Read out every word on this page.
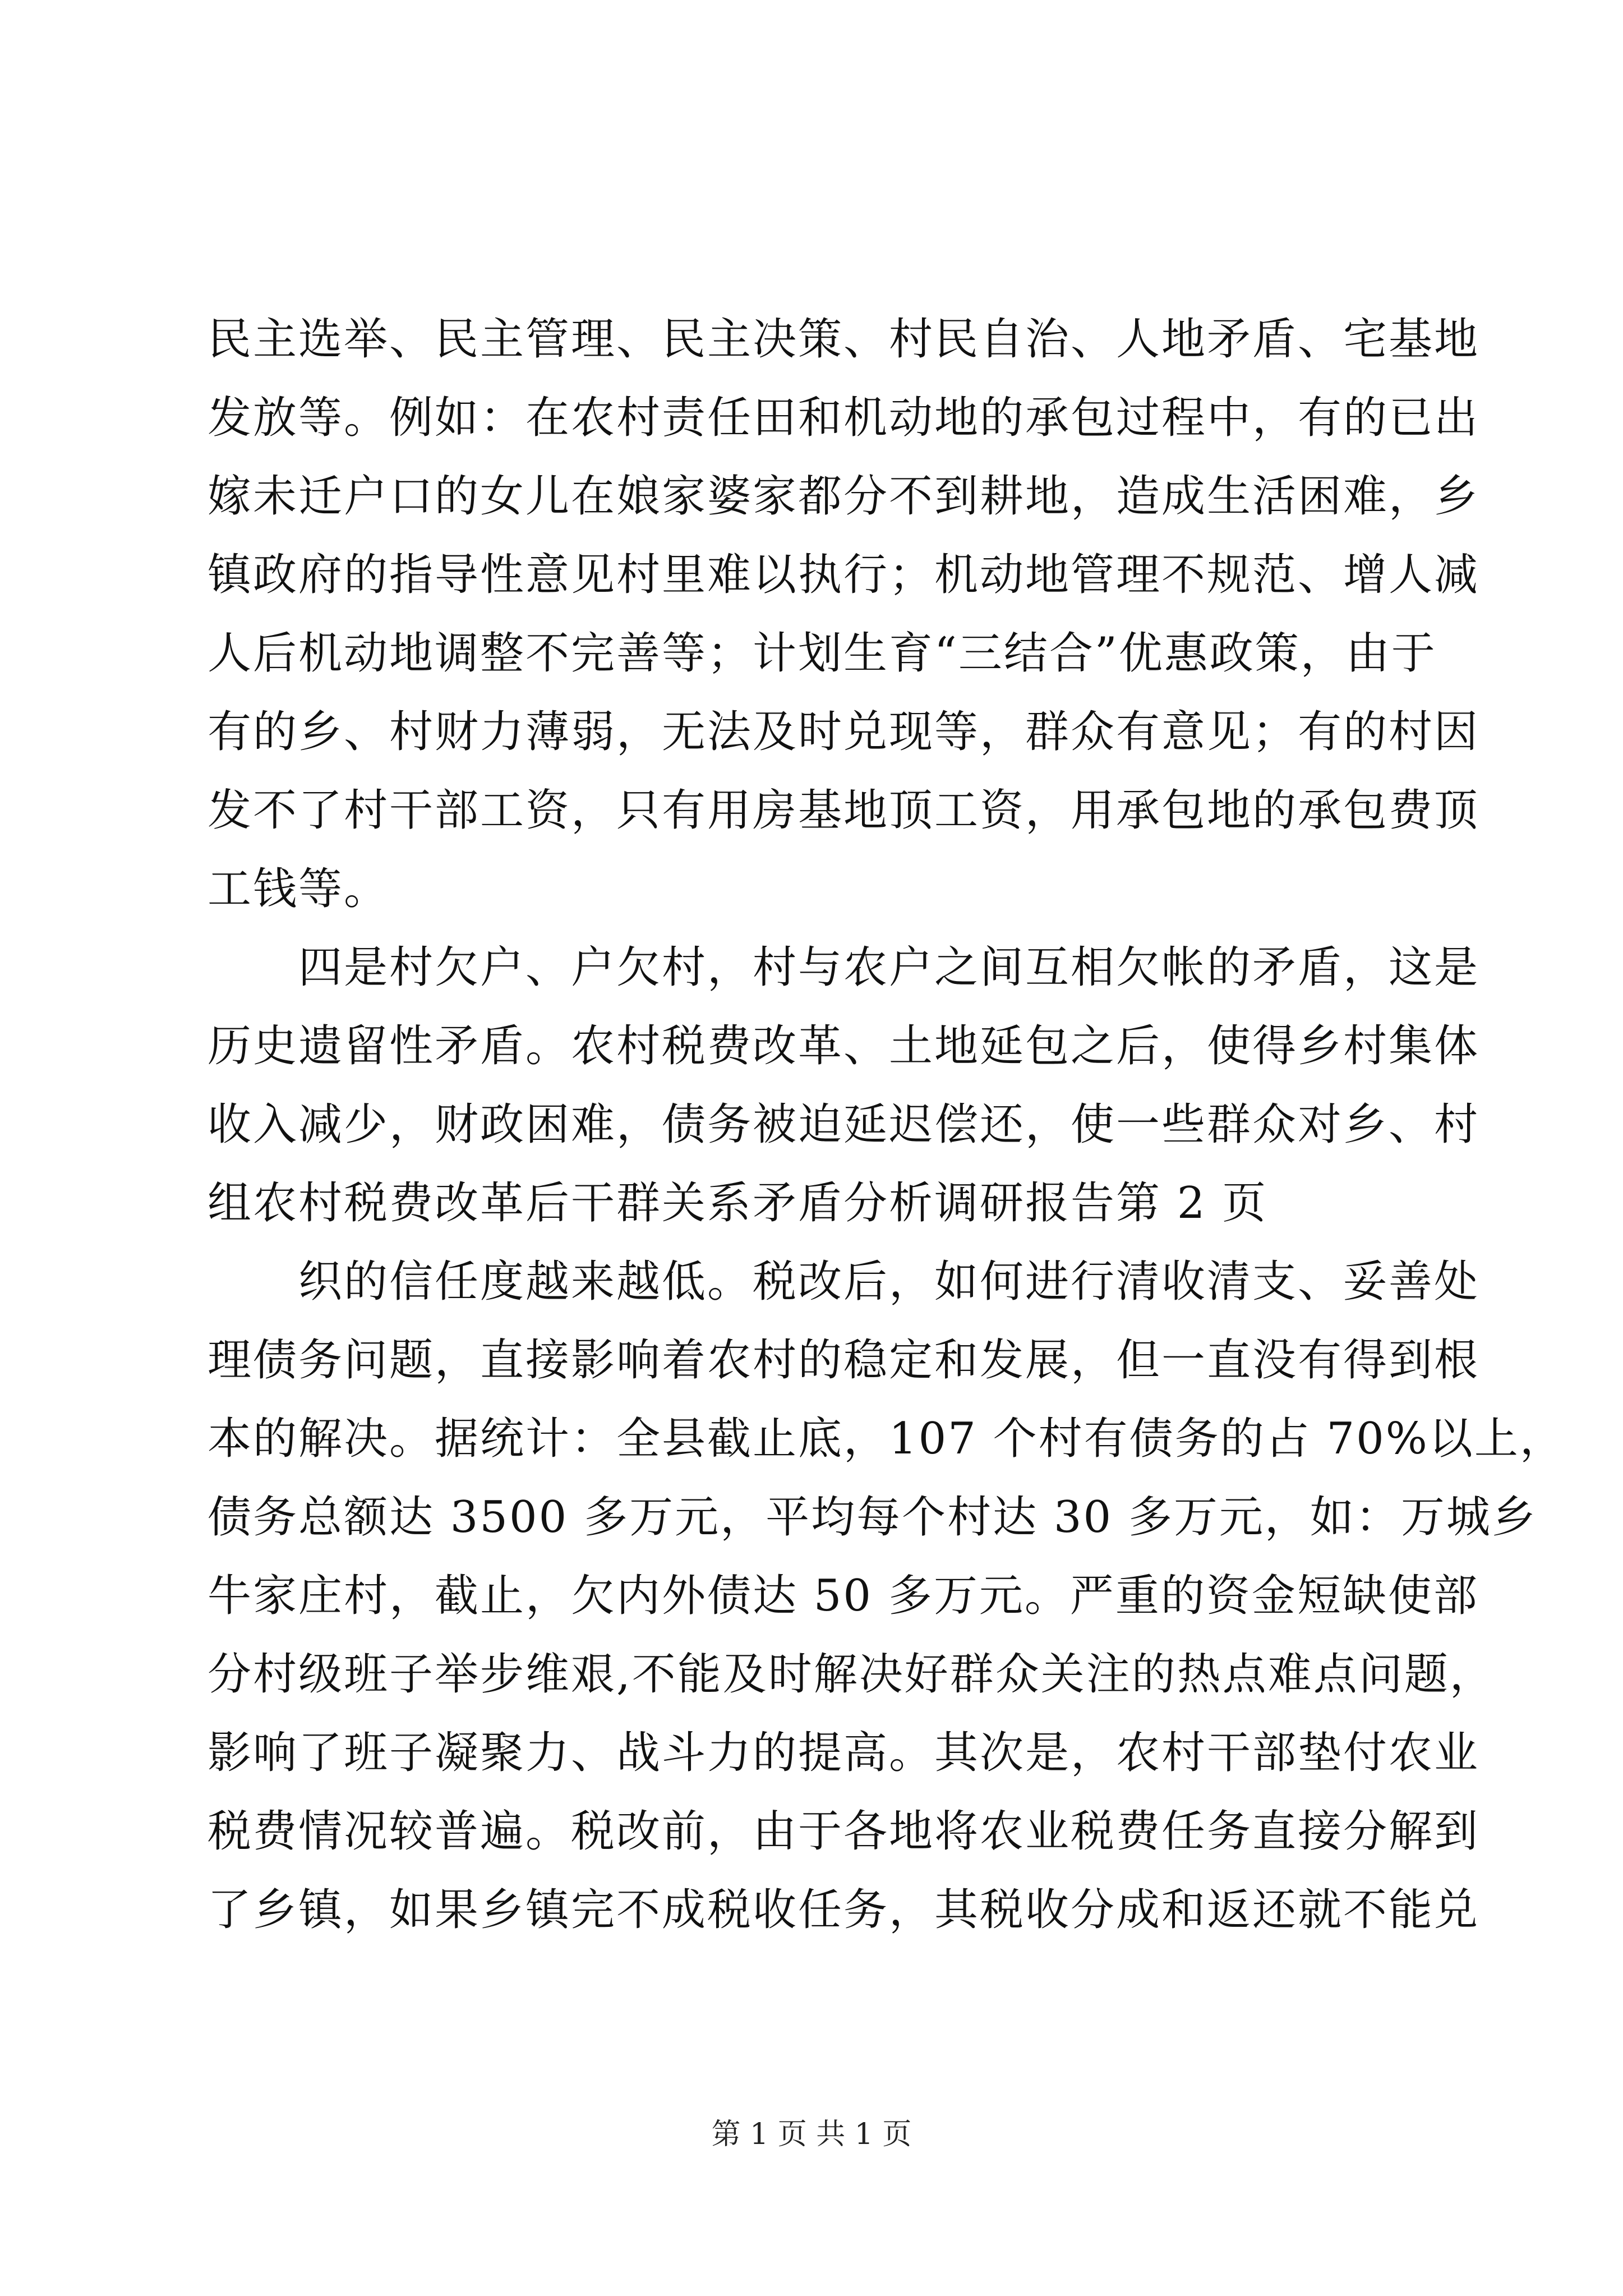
民主选举、民主管理、民主决策、村民自治、人地矛盾、宅基地
发放等。例如：在农村责任田和机动地的承包过程中，有的已出
嫁未迁户口的女儿在娘家婆家都分不到耕地，造成生活困难，乡
镇政府的指导性意见村里难以执行；机动地管理不规范、增人减
人后机动地调整不完善等；计划生育“三结合”优惠政策，由于
有的乡、村财力薄弱，无法及时兑现等，群众有意见；有的村因
发不了村干部工资，只有用房基地顶工资，用承包地的承包费顶
工钱等。
四是村欠户、户欠村，村与农户之间互相欠帐的矛盾，这是
历史遗留性矛盾。农村税费改革、土地延包之后，使得乡村集体
收入减少，财政困难，债务被迫延迟偿还，使一些群众对乡、村
组农村税费改革后干群关系矛盾分析调研报告第 2 页
织的信任度越来越低。税改后，如何进行清收清支、妥善处
理债务问题，直接影响着农村的稳定和发展，但一直没有得到根
本的解决。据统计：全县截止底，107 个村有债务的占 70%以上，
债务总额达 3500 多万元，平均每个村达 30 多万元，如：万城乡
牛家庄村，截止，欠内外债达 50 多万元。严重的资金短缺使部
分村级班子举步维艰,不能及时解决好群众关注的热点难点问题，
影响了班子凝聚力、战斗力的提高。其次是，农村干部垫付农业
税费情况较普遍。税改前，由于各地将农业税费任务直接分解到
了乡镇，如果乡镇完不成税收任务，其税收分成和返还就不能兑
第 1 页 共 1 页
